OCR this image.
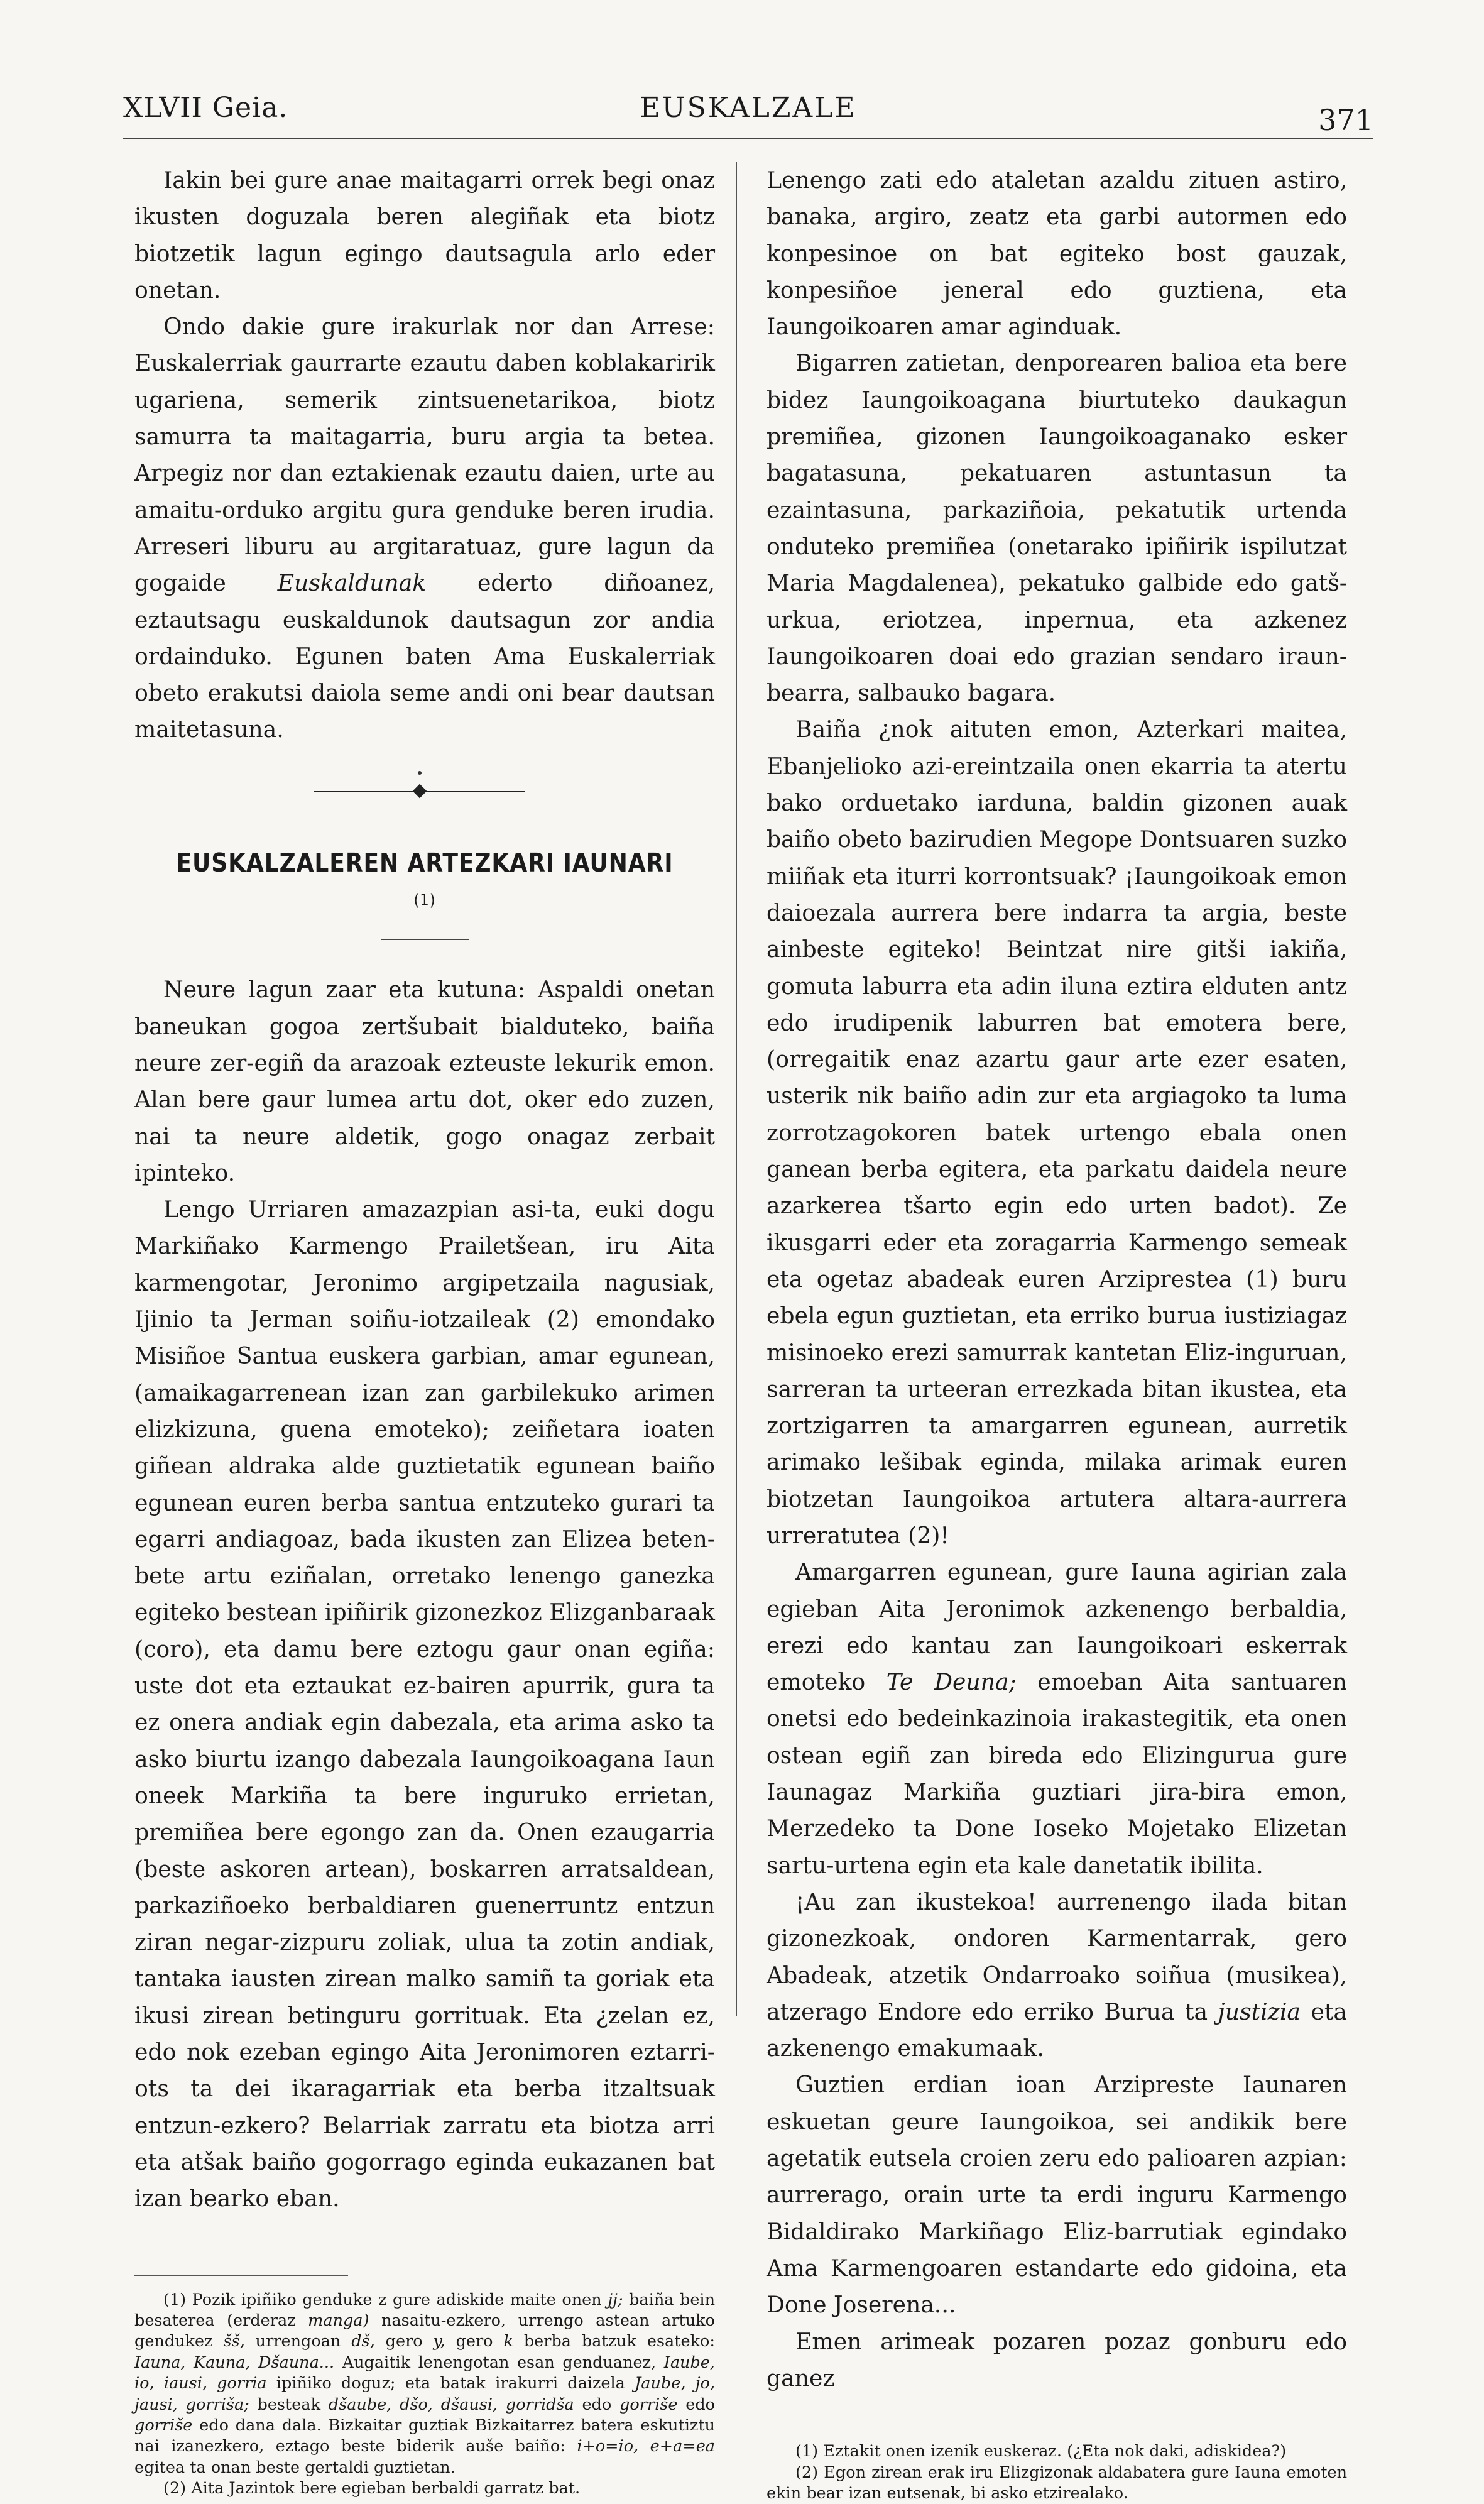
XLVII Geia.	EUSKALZALE	371

Iakin bei gure anae maitagarri orrek begi onaz ikusten doguzala beren alegiñak eta biotz biotzetik lagun egingo dautsagula arlo eder onetan.

Ondo dakie gure irakurlak nor dan Arrese: Euskalerriak gaurrarte ezautu daben koblakaririk ugariena, semerik zintsuenetarikoa, biotz samurra ta maitagarria, buru argia ta betea. Arpegiz nor dan eztakienak ezautu daien, urte au amaitu-orduko argitu gura genduke beren irudia. Arreseri liburu au argitaratuaz, gure lagun da gogaide Euskaldunak ederto diñoanez, eztautsagu euskaldunok dautsagun zor andia ordainduko. Egunen baten Ama Euskalerriak obeto erakutsi daiola seme andi oni bear dautsan maitetasuna.

EUSKALZALEREN ARTEZKARI IAUNARI $^{(1)}$

Neure lagun zaar eta kutuna: Aspaldi onetan baneukan gogoa zertšubait bialduteko, baiña neure zer-egiñ da arazoak ezteuste lekurik emon. Alan bere gaur lumea artu dot, oker edo zuzen, nai ta neure aldetik, gogo onagaz zerbait ipinteko.

Lengo Urriaren amazazpian asi-ta, euki dogu Markiñako Karmengo Prailetšean, iru Aita karmengotar, Jeronimo argipetzaila nagusiak, Ijinio ta Jerman soiñu-iotzaileak (2) emondako Misiñoe Santua euskera garbian, amar egunean, (amaikagarrenean izan zan garbilekuko arimen elizkizuna, guena emoteko); zeiñetara ioaten giñean aldraka alde guztietatik egunean baiño egunean euren berba santua entzuteko gurari ta egarri andiagoaz, bada ikusten zan Elizea beten-bete artu eziñalan, orretako lenengo ganezka egiteko bestean ipiñirik gizonezkoz Elizganbaraak (coro), eta damu bere eztogu gaur onan egiña: uste dot eta eztaukat ez-bairen apurrik, gura ta ez onera andiak egin dabezala, eta arima asko ta asko biurtu izango dabezala Iaungoikoagana Iaun oneek Markiña ta bere inguruko errietan, premiñea bere egongo zan da. Onen ezaugarria (beste askoren artean), boskarren arratsaldean, parkaziñoeko berbaldiaren guenerruntz entzun ziran negar-zizpuru zoliak, ulua ta zotin andiak, tantaka iausten zirean malko samiñ ta goriak eta ikusi zirean betinguru gorrituak. Eta ¿zelan ez, edo nok ezeban egingo Aita Jeronimoren eztarri-ots ta dei ikaragarriak eta berba itzaltsuak entzun-ezkero? Belarriak zarratu eta biotza arri eta atšak baiño gogorrago egindа eukazanen bat izan bearko eban.

(1) Pozik ipiñiko genduke z gure adiskide maite onen jj; baiña bein besaterea (erderaz manga) nasaitu-ezkero, urrengo astean artuko gendukez šš, urrengoan dš, gero y, gero k berba batzuk esateko: Iauna, Kauna, Dšauna... Augaitik lenengotan esan genduanez, Iaube, io, iausi, gorria ipiñiko doguz; eta batak irakurri daizela Jaube, jo, jausi, gorriša; besteak dšaube, dšo, dšausi, gorridša edo gorriše edo gorriše edo dana dala. Bizkaitar guztiak Bizkaitarrez batera eskutiztu nai izanezkero, eztago beste biderik auše baiño: i+o=io, e+a=ea egitea ta onan beste gertaldi guztietan.

(2) Aita Jazintok bere egieban berbaldi garratz bat.

Lenengo zati edo ataletan azaldu zituen astiro, banaka, argiro, zeatz eta garbi autormen edo konpesinoe on bat egiteko bost gauzak, konpesiñoe jeneral edo guztiena, eta Iaungoikoaren amar aginduak.

Bigarren zatietan, denporearen balioa eta bere bidez Iaungoikoagana biurtuteko daukagun premiñea, gizonen Iaungoikoaganako esker bagatasuna, pekatuaren astuntasun ta ezaintasuna, parkaziñoia, pekatutik urtenda onduteko premiñea (onetarako ipiñirik ispilutzat Maria Magdalenea), pekatuko galbide edo gatš-urkua, eriotzea, inpernua, eta azkenez Iaungoikoaren doai edo grazian sendaro iraun-bearra, salbauko bagara.

Baiña ¿nok aituten emon, Azterkari maitea, Ebanjelioko azi-ereintzaila onen ekarria ta atertu bako orduetako iarduna, baldin gizonen auak baiño obeto bazirudien Megope Dontsuaren suzko miiñak eta iturri korrontsuak? ¡Iaungoikoak emon daioezala aurrera bere indarra ta argia, beste ainbeste egiteko! Beintzat nire gitši iakiña, gomuta laburra eta adin iluna eztira elduten antz edo irudipenik laburren bat emotera bere, (orregaitik enaz azartu gaur arte ezer esaten, usterik nik baiño adin zur eta argiagoko ta luma zorrotzagokoren batek urtengo ebala onen ganean berba egitera, eta parkatu daidela neure azarkerea tšarto egin edo urten badot). Ze ikusgarri eder eta zoragarria Karmengo semeak eta ogetaz abadeak euren Arziprestea (1) buru ebela egun guztietan, eta erriko burua iustiziagaz misinoeko erezi samurrak kantetan Eliz-inguruan, sarreran ta urteeran errezkada bitan ikustea, eta zortzigarren ta amargarren egunean, aurretik arimako lešibak egindа, milaka arimak euren biotzetan Iaungoikoa artutera altara-aurrera urreratutea (2)!

Amargarren egunean, gure Iauna agirian zala egieban Aita Jeronimok azkenengo berbaldia, erezi edo kantau zan Iaungoikoari eskerrak emoteko Te Deuna; emoeban Aita santuaren onetsi edo bedeinkazinoia irakastegitik, eta onen ostean egiñ zan bireda edo Elizingurua gure Iaunagaz Markiña guztiari jira-bira emon, Merzedeko ta Done Ioseko Mojetako Elizetan sartu-urtena egin eta kale danetatik ibilita.

¡Au zan ikustekoa! aurrenengo ilada bitan gizonezkoak, ondoren Karmentarrak, gero Abadeak, atzetik Ondarroako soiñua (musikea), atzerago Endore edo erriko Burua ta justizia eta azkenengo emakumaak.

Guztien erdian ioan Arzipreste Iaunaren eskuetan geure Iaungoikoa, sei andikik bere agetatik eutsela croien zeru edo palioaren azpian: aurrerago, orain urte ta erdi inguru Karmengo Bidaldirako Markiñago Eliz-barrutiak egindako Ama Karmengoaren estandarte edo gidoina, eta Done Joserena...

Emen arimeak pozaren pozaz gonburu edo ganez

(1) Eztakit onen izenik euskeraz. (¿Eta nok daki, adiskidea?)

(2) Egon zirean erak iru Elizgizonak aldabatera gure Iauna emoten ekin bear izan eutsenak, bi asko etzirealako.
